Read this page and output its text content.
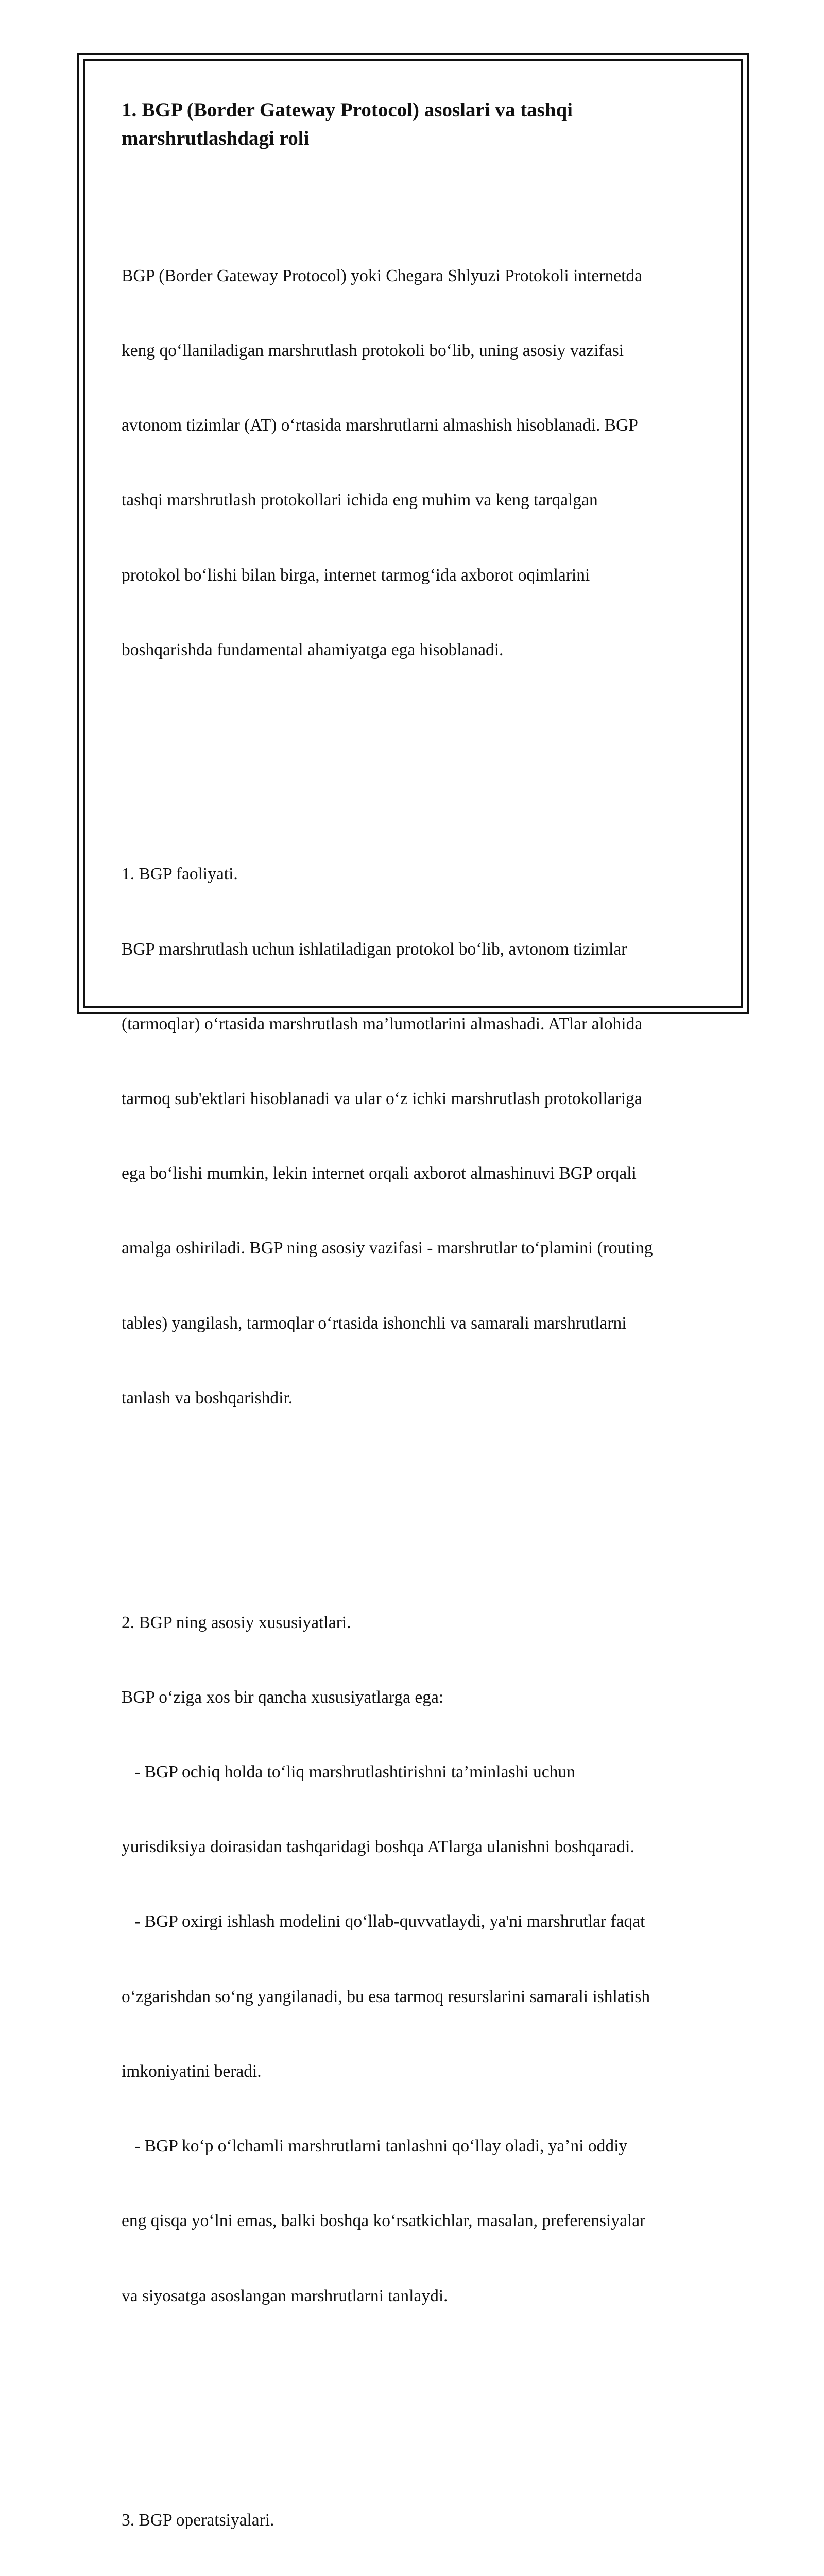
1. BGP (Border Gateway Protocol) asoslari va tashqi
marshrutlashdagi roli

BGP (Border Gateway Protocol) yoki Chegara Shlyuzi Protokoli internetda

keng qo‘llaniladigan marshrutlash protokoli bo‘lib, uning asosiy vazifasi

avtonom tizimlar (AT) o‘rtasida marshrutlarni almashish hisoblanadi. BGP

tashqi marshrutlash protokollari ichida eng muhim va keng tarqalgan

protokol bo‘lishi bilan birga, internet tarmog‘ida axborot oqimlarini

boshqarishda fundamental ahamiyatga ega hisoblanadi.

1. BGP faoliyati.

BGP marshrutlash uchun ishlatiladigan protokol bo‘lib, avtonom tizimlar

(tarmoqlar) o‘rtasida marshrutlash ma’lumotlarini almashadi. ATlar alohida

tarmoq sub'ektlari hisoblanadi va ular o‘z ichki marshrutlash protokollariga

ega bo‘lishi mumkin, lekin internet orqali axborot almashinuvi BGP orqali

amalga oshiriladi. BGP ning asosiy vazifasi - marshrutlar to‘plamini (routing

tables) yangilash, tarmoqlar o‘rtasida ishonchli va samarali marshrutlarni

tanlash va boshqarishdir.

2. BGP ning asosiy xususiyatlari.

BGP o‘ziga xos bir qancha xususiyatlarga ega:

- BGP ochiq holda to‘liq marshrutlashtirishni ta’minlashi uchun

yurisdiksiya doirasidan tashqaridagi boshqa ATlarga ulanishni boshqaradi.

- BGP oxirgi ishlash modelini qo‘llab-quvvatlaydi, ya'ni marshrutlar faqat

o‘zgarishdan so‘ng yangilanadi, bu esa tarmoq resurslarini samarali ishlatish

imkoniyatini beradi.

- BGP ko‘p o‘lchamli marshrutlarni tanlashni qo‘llay oladi, ya’ni oddiy

eng qisqa yo‘lni emas, balki boshqa ko‘rsatkichlar, masalan, preferensiyalar

va siyosatga asoslangan marshrutlarni tanlaydi.

3. BGP operatsiyalari.
